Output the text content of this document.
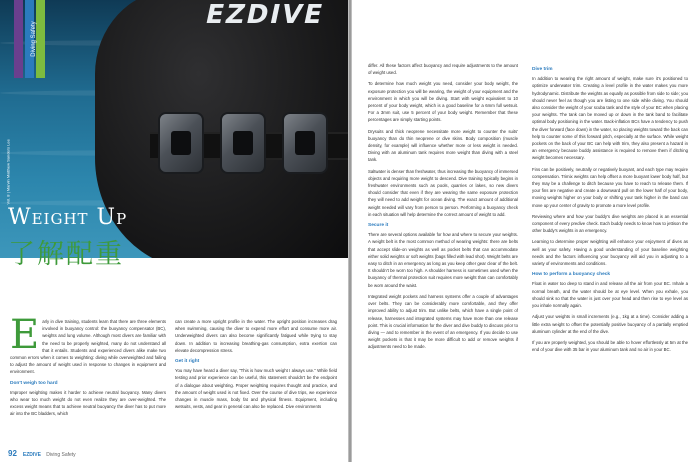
EZDIVE
Vol. 8 | Marvin Matthew Sanders Lee
Diving Safety
Weight Up
了解配重

Early in dive training, students learn that there are three elements involved in buoyancy control: the buoyancy compensator (BC), weights and lung volume. Although most divers are familiar with the need to be properly weighted, many do not understand all that it entails. Students and experienced divers alike make two common errors when it comes to weighting: diving while overweighted and failing to adjust the amount of weight used in response to changes in equipment and environment.

Don't weigh too hard

Improper weighting makes it harder to achieve neutral buoyancy. Many divers who wear too much weight do not even realize they are over-weighted. The excess weight means that to achieve neutral buoyancy the diver has to put more air into the BC bladders, which

can create a more upright profile in the water. The upright position increases drag when swimming, causing the diver to expend more effort and consume more air. Underweighted divers can also become significantly fatigued while trying to stay down. In addition to increasing breathing-gas consumption, extra exertion can elevate decompression stress.

Get it right

You may have heard a diver say, "This is how much weight I always use." While field testing and prior experience can be useful, this statement shouldn't be the endpoint of a dialogue about weighting. Proper weighting requires thought and practice, and the amount of weight used is not fixed. Over the course of dive trips, we experience changes in muscle mass, body fat and physical fitness. Equipment, including wetsuits, vests, and gear in general can also be replaced. Dive environments

92 EZDIVE Diving Safety

differ. All these factors affect buoyancy and require adjustments to the amount of weight used.

To determine how much weight you need, consider your body weight, the exposure protection you will be wearing, the weight of your equipment and the environment in which you will be diving. Start with weight equivalent to 10 percent of your body weight, which is a good baseline for a 6mm full wetsuit. For a 3mm suit, use 5 percent of your body weight. Remember that these percentages are simply starting points.

Drysuits and thick neoprene necessitate more weight to counter the suits' buoyancy than do thin neoprene or dive skins. Body composition (muscle density, for example) will influence whether more or less weight is needed. Diving with an aluminum tank requires more weight than diving with a steel tank.

Saltwater is denser than freshwater, thus increasing the buoyancy of immersed objects and requiring more weight to descend. Dive training typically begins in freshwater environments such as pools, quarries or lakes, so new divers should consider that even if they are wearing the same exposure protection they will need to add weight for ocean diving. The exact amount of additional weight needed will vary from person to person. Performing a buoyancy check in each situation will help determine the correct amount of weight to add.

Secure it

There are several options available for how and where to secure your weights. A weight belt is the most common method of wearing weights: there are belts that accept slide-on weights as well as pocket belts that can accommodate either solid weights or soft weights (bags filled with lead shot). Weight belts are easy to ditch in an emergency as long as you keep other gear clear of the belt. It shouldn't be worn too high. A shoulder harness is sometimes used when the buoyancy of thermal protection suit requires more weight than can comfortably be worn around the waist.

Integrated weight pockets and harness systems offer a couple of advantages over belts. They can be considerably more comfortable, and they offer improved ability to adjust trim. But unlike belts, which have a single point of release, harnesses and integrated systems may have more than one release point. This is crucial information for the diver and dive buddy to discuss prior to diving — and to remember in the event of an emergency. If you decide to use weight pockets is that it may be more difficult to add or remove weights if adjustments need to be made.

Dive trim

In addition to wearing the right amount of weight, make sure it's positioned to optimize underwater trim. Creating a level profile in the water makes you more hydrodynamic. Distribute the weights as equally as possible from side to side; you should never feel as though you are listing to one side while diving. You should also consider the weight of your scuba tank and the style of your BC when placing your weights. The tank can be moved up or down in the tank band to facilitate optimal body positioning in the water. Back-inflation BCs have a tendency to push the diver forward (face down) in the water, so placing weights toward the back can help to counter some of this forward pitch, especially at the surface. While weight pockets on the back of your BC can help with trim, they also present a hazard in an emergency because buddy assistance is required to remove them if ditching weight becomes necessary.

Fins can be positively, neutrally or negatively buoyant, and each type may require compensation. Trimix weights can help offset a more buoyant lower body half, but they may be a challenge to ditch because you have to reach to release them. If your fins are negative and create a downward pull on the lower half of your body, moving weights higher on your body or shifting your tank higher in the band can move up your center of gravity to promote a more level profile.

Reviewing where and how your buddy's dive weights are placed is an essential component of every predive check. Each buddy needs to know how to jettison the other buddy's weights in an emergency.

Learning to determine proper weighting will enhance your enjoyment of dives as well as your safety. Having a good understanding of your baseline weighting needs and the factors influencing your buoyancy will aid you in adjusting to a variety of environments and conditions.

How to perform a buoyancy check

Float in water too deep to stand in and release all the air from your BC. Inhale a normal breath, and the water should be at eye level. When you exhale, you should sink so that the water is just over your head and then rise to eye level as you inhale normally again.

Adjust your weights in small increments (e.g., 1kg at a time). Consider adding a little extra weight to offset the potentially positive buoyancy of a partially emptied aluminum cylinder at the end of the dive.

If you are properly weighted, you should be able to hover effortlessly at 5m at the end of your dive with 35 bar in your aluminum tank and no air in your BC.
